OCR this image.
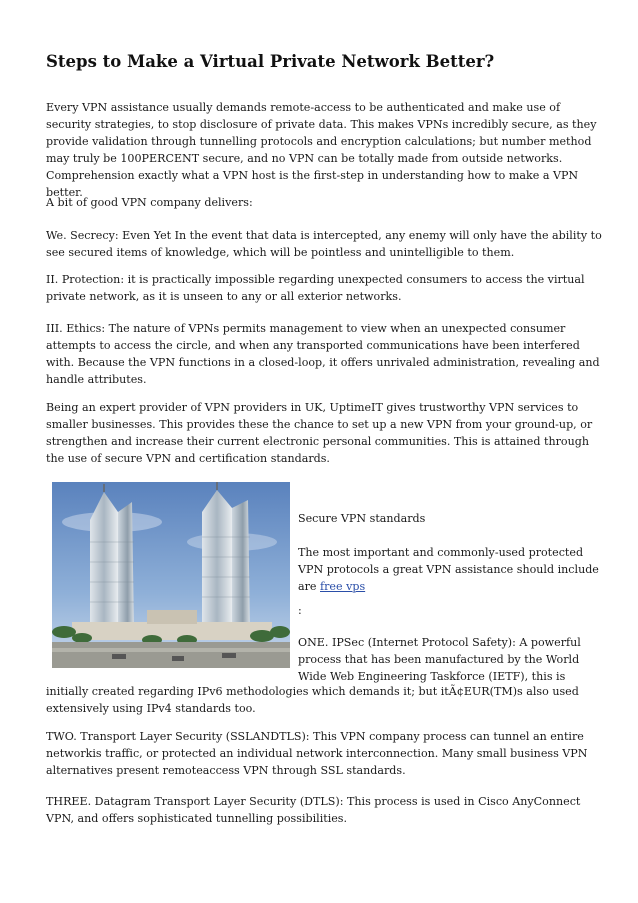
Steps to Make a Virtual Private Network Better?

Every VPN assistance usually demands remote-access to be authenticated and make use of security strategies, to stop disclosure of private data. This makes VPNs incredibly secure, as they provide validation through tunnelling protocols and encryption calculations; but number method may truly be 100PERCENT secure, and no VPN can be totally made from outside networks. Comprehension exactly what a VPN host is the first-step in understanding how to make a VPN better.

A bit of good VPN company delivers:

We. Secrecy: Even Yet In the event that data is intercepted, any enemy will only have the ability to see secured items of knowledge, which will be pointless and unintelligible to them.

II. Protection: it is practically impossible regarding unexpected consumers to access the virtual private network, as it is unseen to any or all exterior networks.

III. Ethics: The nature of VPNs permits management to view when an unexpected consumer attempts to access the circle, and when any transported communications have been interfered with. Because the VPN functions in a closed-loop, it offers unrivaled administration, revealing and handle attributes.

Being an expert provider of VPN providers in UK, UptimeIT gives trustworthy VPN services to smaller businesses. This provides these the chance to set up a new VPN from your ground-up, or strengthen and increase their current electronic personal communities. This is attained through the use of secure VPN and certification standards.

Secure VPN standards

The most important and commonly-used protected VPN protocols a great VPN assistance should include are free vps

:

ONE. IPSec (Internet Protocol Safety): A powerful process that has been manufactured by the World Wide Web Engineering Taskforce (IETF), this is

initially created regarding IPv6 methodologies which demands it; but itÃ¢EUR(TM)s also used extensively using IPv4 standards too.

TWO. Transport Layer Security (SSLANDTLS): This VPN company process can tunnel an entire networkis traffic, or protected an individual network interconnection. Many small business VPN alternatives present remoteaccess VPN through SSL standards.

THREE. Datagram Transport Layer Security (DTLS): This process is used in Cisco AnyConnect VPN, and offers sophisticated tunnelling possibilities.
